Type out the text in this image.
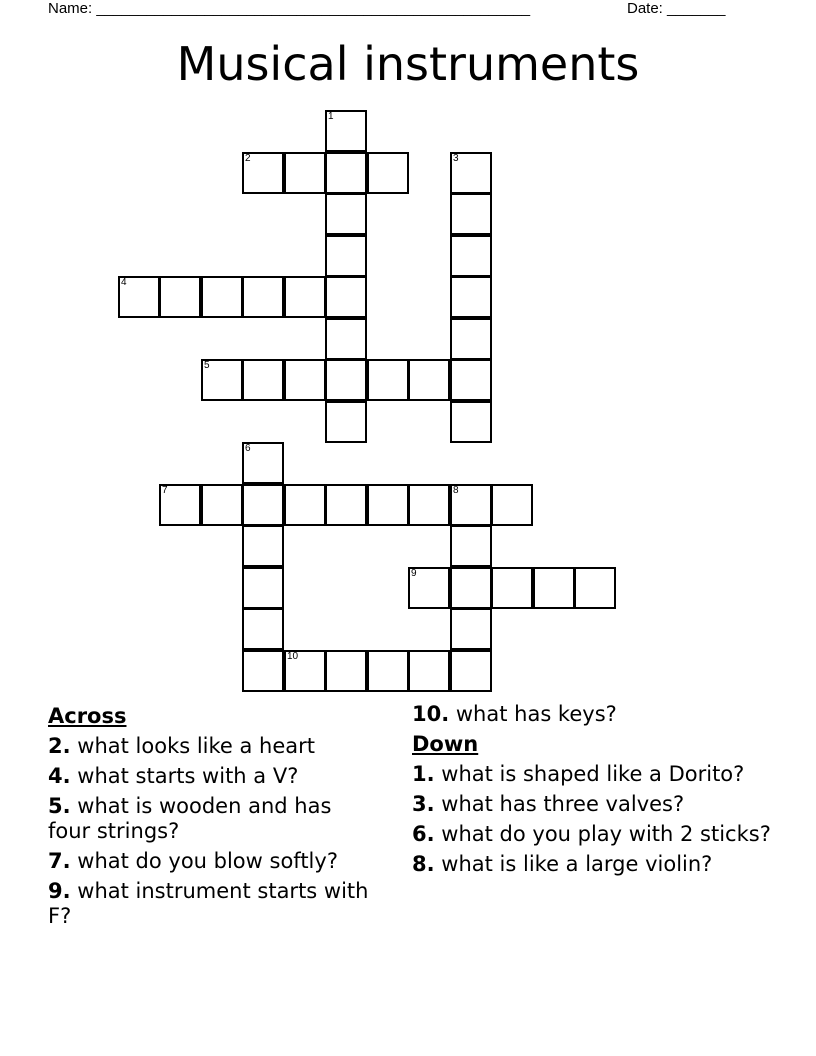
Name: ____________________________________________________	Date: _______
Musical instruments
1
2	3
4
5
6
7	8
9
10
Across
2. what looks like a heart
4. what starts with a V?
5. what is wooden and has four strings?
7. what do you blow softly?
9. what instrument starts with F?
10. what has keys?
Down
1. what is shaped like a Dorito?
3. what has three valves?
6. what do you play with 2 sticks?
8. what is like a large violin?
